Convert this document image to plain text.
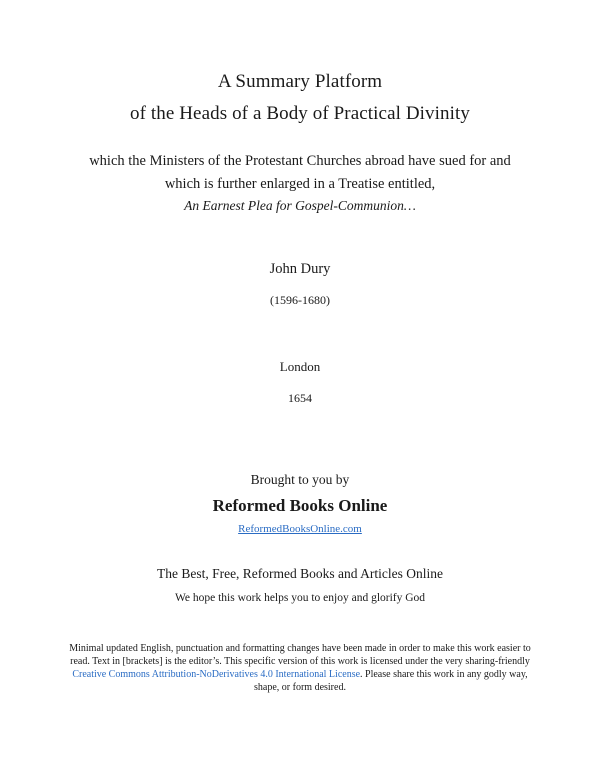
A Summary Platform
of the Heads of a Body of Practical Divinity
which the Ministers of the Protestant Churches abroad have sued for and
which is further enlarged in a Treatise entitled,
An Earnest Plea for Gospel-Communion…
John Dury
(1596-1680)
London
1654
Brought to you by
Reformed Books Online
ReformedBooksOnline.com
The Best, Free, Reformed Books and Articles Online
We hope this work helps you to enjoy and glorify God
Minimal updated English, punctuation and formatting changes have been made in order to make this work easier to read. Text in [brackets] is the editor’s. This specific version of this work is licensed under the very sharing-friendly Creative Commons Attribution-NoDerivatives 4.0 International License. Please share this work in any godly way, shape, or form desired.
